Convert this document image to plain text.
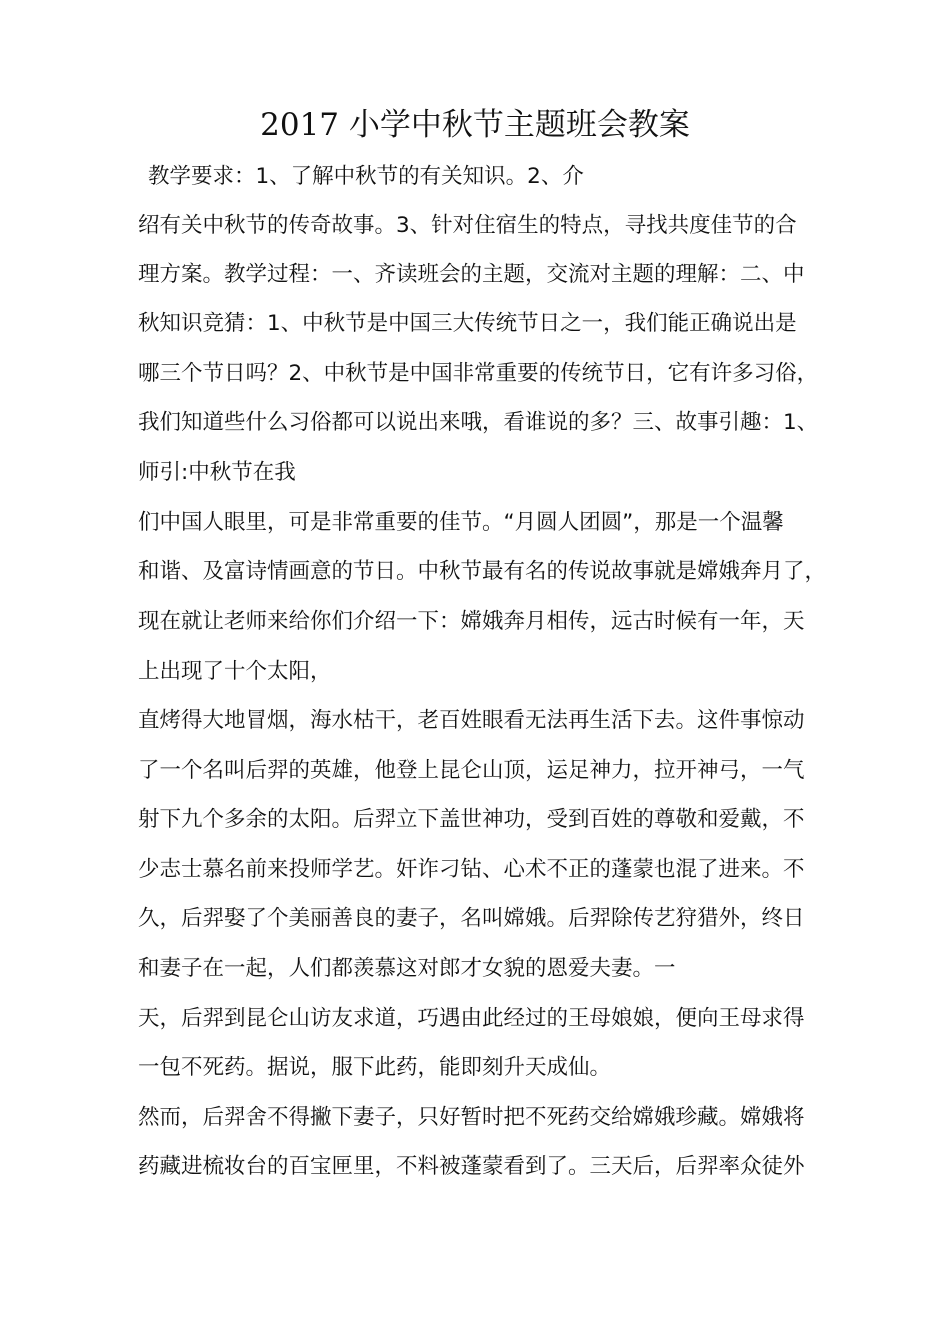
2017 小学中秋节主题班会教案
教学要求：1、了解中秋节的有关知识。2、介
绍有关中秋节的传奇故事。3、针对住宿生的特点，寻找共度佳节的合
理方案。教学过程：一、齐读班会的主题，交流对主题的理解：二、中
秋知识竞猜：1、中秋节是中国三大传统节日之一，我们能正确说出是
哪三个节日吗？2、中秋节是中国非常重要的传统节日，它有许多习俗，
我们知道些什么习俗都可以说出来哦，看谁说的多？三、故事引趣：1、
师引:中秋节在我
们中国人眼里，可是非常重要的佳节。“月圆人团圆”，那是一个温馨
和谐、及富诗情画意的节日。中秋节最有名的传说故事就是嫦娥奔月了，
现在就让老师来给你们介绍一下：嫦娥奔月相传，远古时候有一年，天
上出现了十个太阳，
直烤得大地冒烟，海水枯干，老百姓眼看无法再生活下去。这件事惊动
了一个名叫后羿的英雄，他登上昆仑山顶，运足神力，拉开神弓，一气
射下九个多余的太阳。后羿立下盖世神功，受到百姓的尊敬和爱戴，不
少志士慕名前来投师学艺。奸诈刁钻、心术不正的蓬蒙也混了进来。不
久，后羿娶了个美丽善良的妻子，名叫嫦娥。后羿除传艺狩猎外，终日
和妻子在一起，人们都羡慕这对郎才女貌的恩爱夫妻。一
天，后羿到昆仑山访友求道，巧遇由此经过的王母娘娘，便向王母求得
一包不死药。据说，服下此药，能即刻升天成仙。
然而，后羿舍不得撇下妻子，只好暂时把不死药交给嫦娥珍藏。嫦娥将
药藏进梳妆台的百宝匣里，不料被蓬蒙看到了。三天后，后羿率众徒外
